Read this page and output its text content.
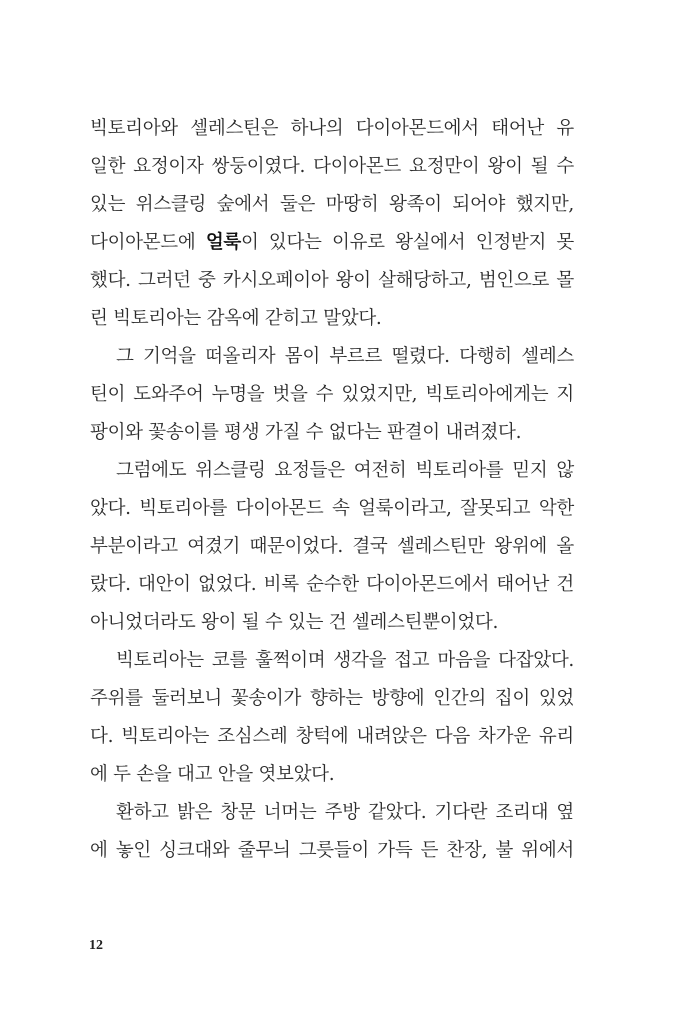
빅토리아와 셀레스틴은 하나의 다이아몬드에서 태어난 유
일한 요정이자 쌍둥이였다. 다이아몬드 요정만이 왕이 될 수
있는 위스클링 숲에서 둘은 마땅히 왕족이 되어야 했지만,
다이아몬드에 얼룩이 있다는 이유로 왕실에서 인정받지 못
했다. 그러던 중 카시오페이아 왕이 살해당하고, 범인으로 몰
린 빅토리아는 감옥에 갇히고 말았다.
그 기억을 떠올리자 몸이 부르르 떨렸다. 다행히 셀레스
틴이 도와주어 누명을 벗을 수 있었지만, 빅토리아에게는 지
팡이와 꽃송이를 평생 가질 수 없다는 판결이 내려졌다.
그럼에도 위스클링 요정들은 여전히 빅토리아를 믿지 않
았다. 빅토리아를 다이아몬드 속 얼룩이라고, 잘못되고 악한
부분이라고 여겼기 때문이었다. 결국 셀레스틴만 왕위에 올
랐다. 대안이 없었다. 비록 순수한 다이아몬드에서 태어난 건
아니었더라도 왕이 될 수 있는 건 셀레스틴뿐이었다.
빅토리아는 코를 훌쩍이며 생각을 접고 마음을 다잡았다.
주위를 둘러보니 꽃송이가 향하는 방향에 인간의 집이 있었
다. 빅토리아는 조심스레 창턱에 내려앉은 다음 차가운 유리
에 두 손을 대고 안을 엿보았다.
환하고 밝은 창문 너머는 주방 같았다. 기다란 조리대 옆
에 놓인 싱크대와 줄무늬 그릇들이 가득 든 찬장, 불 위에서
12
